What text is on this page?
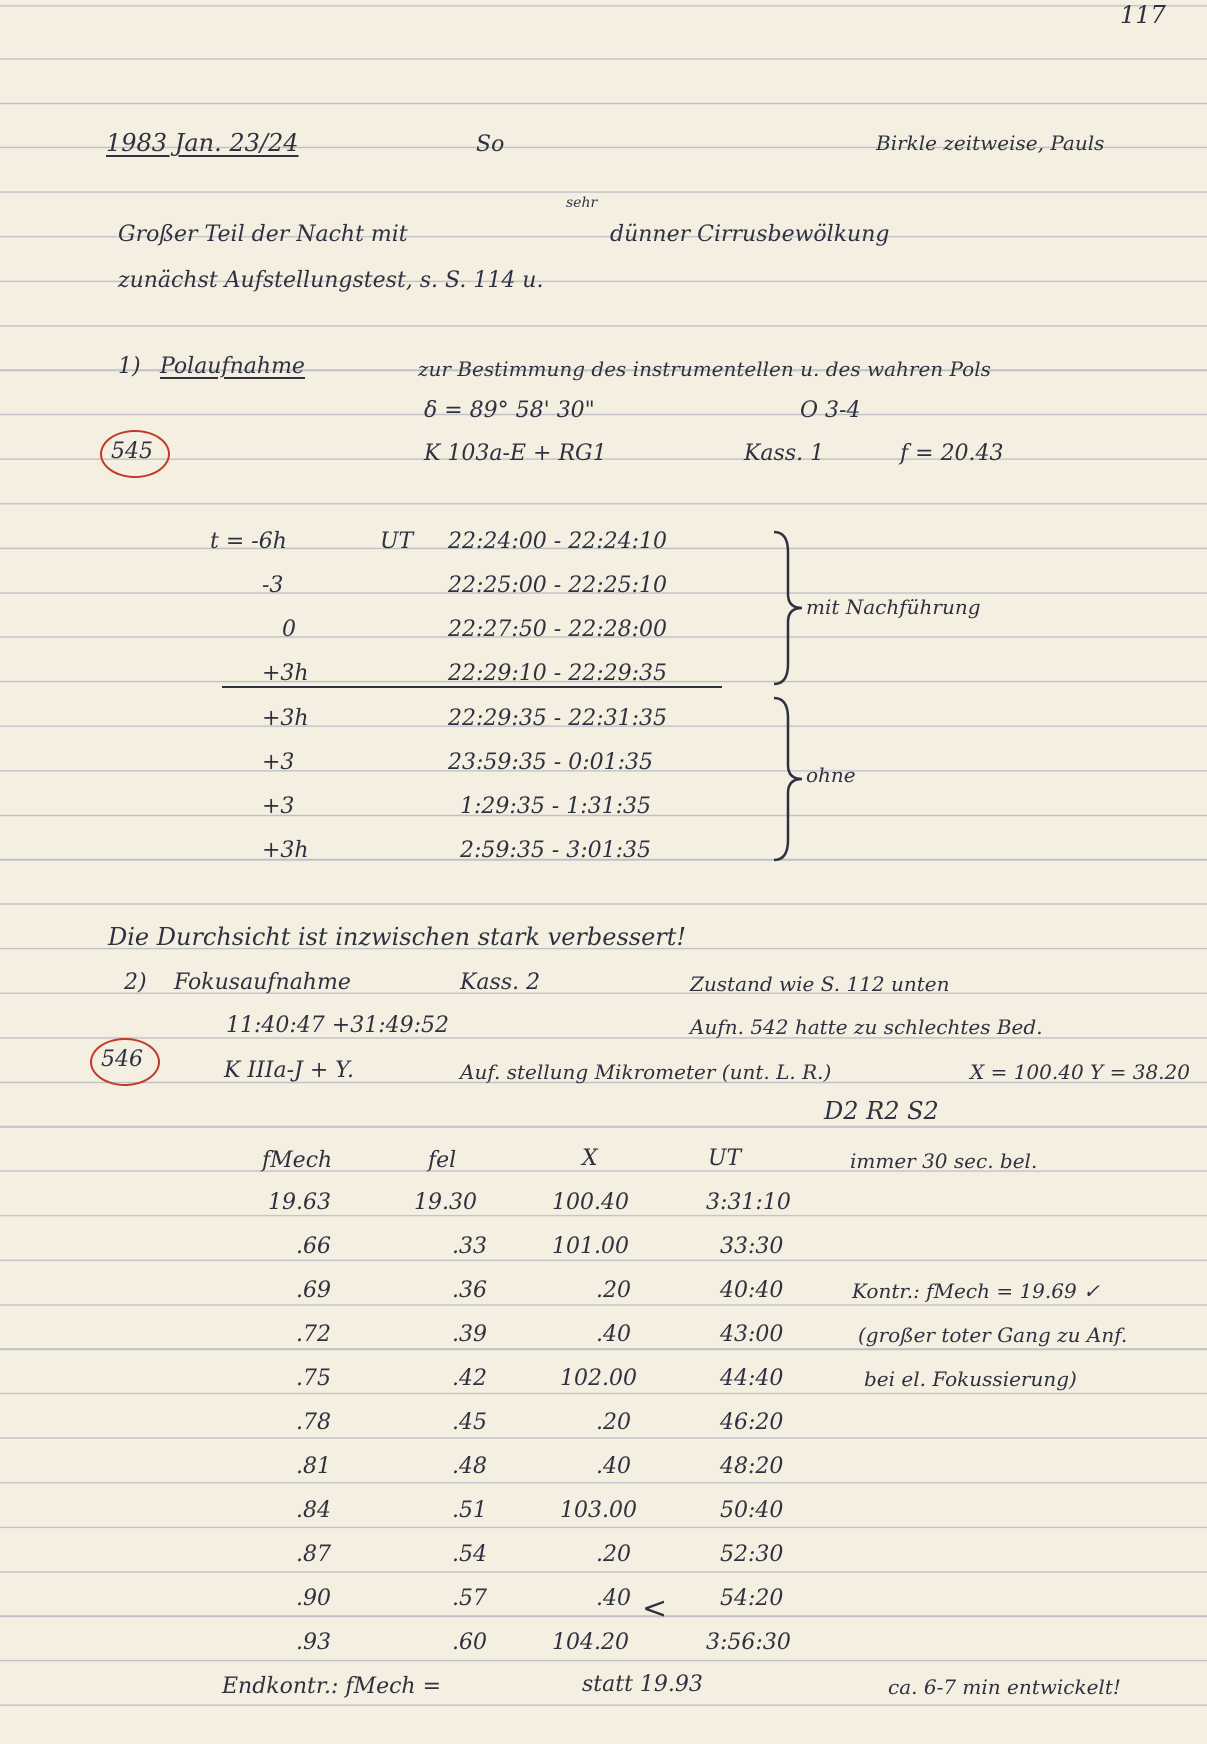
117
1983 Jan. 23/24	So	Birkle zeitweise, Pauls
sehr
Großer Teil der Nacht mit	dünner Cirrusbewölkung
zunächst Aufstellungstest, s. S. 114 u.
1) Polaufnahme	zur Bestimmung des instrumentellen u. des wahren Pols
δ = 89° 58' 30"	O 3-4
545	K 103a-E + RG1	Kass. 1	f = 20.43
t = -6h	UT 22:24:00 - 22:24:10
-3	22:25:00 - 22:25:10
0	22:27:50 - 22:28:00
+3h	22:29:10 - 22:29:35
+3h	22:29:35 - 22:31:35
+3	23:59:35 - 0:01:35
+3	1:29:35 - 1:31:35
+3h	2:59:35 - 3:01:35
mit Nachführung
ohne
Die Durchsicht ist inzwischen stark verbessert!
2) Fokusaufnahme	Kass. 2	Zustand wie S. 112 unten
11:40:47 +31:49:52	Aufn. 542 hatte zu schlechtes Bed.
546	K IIIa-J + Y.	Auf. stellung Mikrometer (unt. L. R.)	X = 100.40 Y = 38.20
D2 R2 S2
fMech	fel	X	UT	immer 30 sec. bel.
19.63	19.30	100.40	3:31:10
.66	.33	101.00	33:30
.69	.36	.20	40:40
.72	.39	.40	43:00
.75	.42	102.00	44:40
.78	.45	.20	46:20
.81	.48	.40	48:20
.84	.51	103.00	50:40
.87	.54	.20	52:30
.90	.57	.40	54:20
<
.93	.60	104.20	3:56:30
Kontr.: fMech = 19.69 ✓
(großer toter Gang zu Anf.
bei el. Fokussierung)
Endkontr.: fMech =	statt 19.93	ca. 6-7 min entwickelt!
